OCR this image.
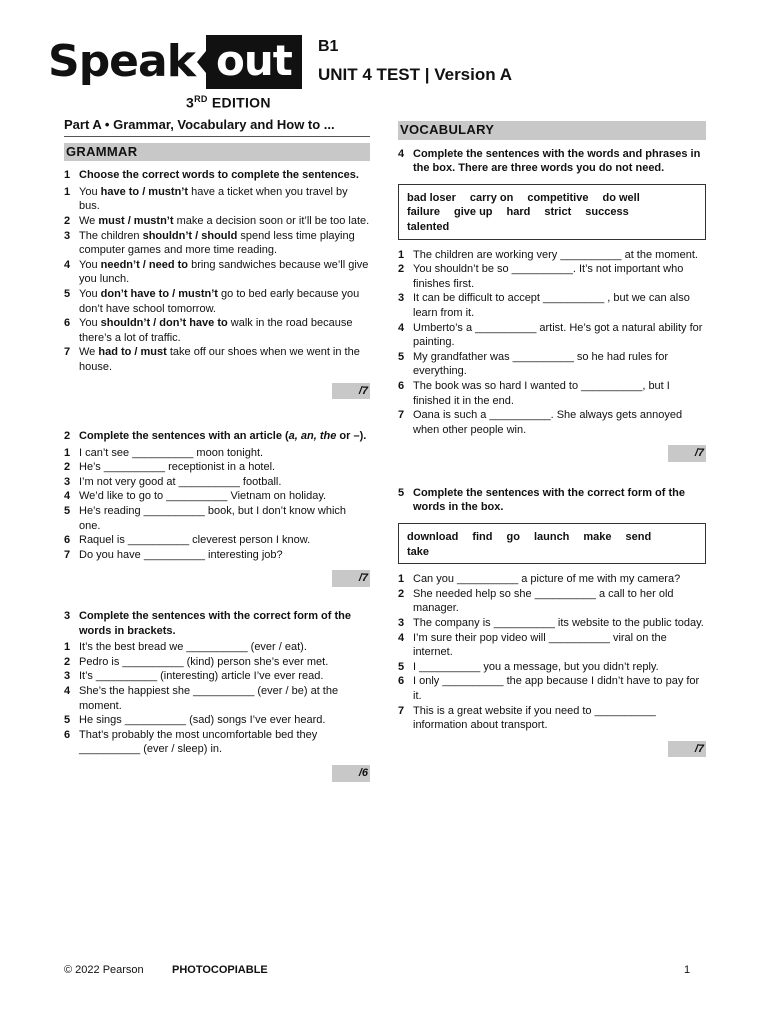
Speak out
3RD EDITION
B1
UNIT 4 TEST | Version A
Part A • Grammar, Vocabulary and How to ...
GRAMMAR
1 Choose the correct words to complete the sentences.
1 You have to / mustn’t have a ticket when you travel by bus.
2 We must / mustn’t make a decision soon or it’ll be too late.
3 The children shouldn’t / should spend less time playing computer games and more time reading.
4 You needn’t / need to bring sandwiches because we’ll give you lunch.
5 You don’t have to / mustn’t go to bed early because you don’t have school tomorrow.
6 You shouldn’t / don’t have to walk in the road because there’s a lot of traffic.
7 We had to / must take off our shoes when we went in the house.
/7
2 Complete the sentences with an article (a, an, the or –).
1 I can’t see __________ moon tonight.
2 He’s __________ receptionist in a hotel.
3 I’m not very good at __________ football.
4 We’d like to go to __________ Vietnam on holiday.
5 He’s reading __________ book, but I don’t know which one.
6 Raquel is __________ cleverest person I know.
7 Do you have __________ interesting job?
/7
3 Complete the sentences with the correct form of the words in brackets.
1 It’s the best bread we __________ (ever / eat).
2 Pedro is __________ (kind) person she’s ever met.
3 It’s __________ (interesting) article I’ve ever read.
4 She’s the happiest she __________ (ever / be) at the moment.
5 He sings __________ (sad) songs I’ve ever heard.
6 That’s probably the most uncomfortable bed they __________ (ever / sleep) in.
/6
VOCABULARY
4 Complete the sentences with the words and phrases in the box. There are three words you do not need.
bad loser carry on competitive do wellfailure give up hard strict successtalented
1 The children are working very __________ at the moment.
2 You shouldn’t be so __________. It’s not important who finishes first.
3 It can be difficult to accept __________ , but we can also learn from it.
4 Umberto’s a __________ artist. He’s got a natural ability for painting.
5 My grandfather was __________ so he had rules for everything.
6 The book was so hard I wanted to __________, but I finished it in the end.
7 Oana is such a __________. She always gets annoyed when other people win.
/7
5 Complete the sentences with the correct form of the words in the box.
download find go launch make sendtake
1 Can you __________ a picture of me with my camera?
2 She needed help so she __________ a call to her old manager.
3 The company is __________ its website to the public today.
4 I’m sure their pop video will __________ viral on the internet.
5 I __________ you a message, but you didn’t reply.
6 I only __________ the app because I didn’t have to pay for it.
7 This is a great website if you need to __________ information about transport.
/7
© 2022 Pearson	PHOTOCOPIABLE	1
